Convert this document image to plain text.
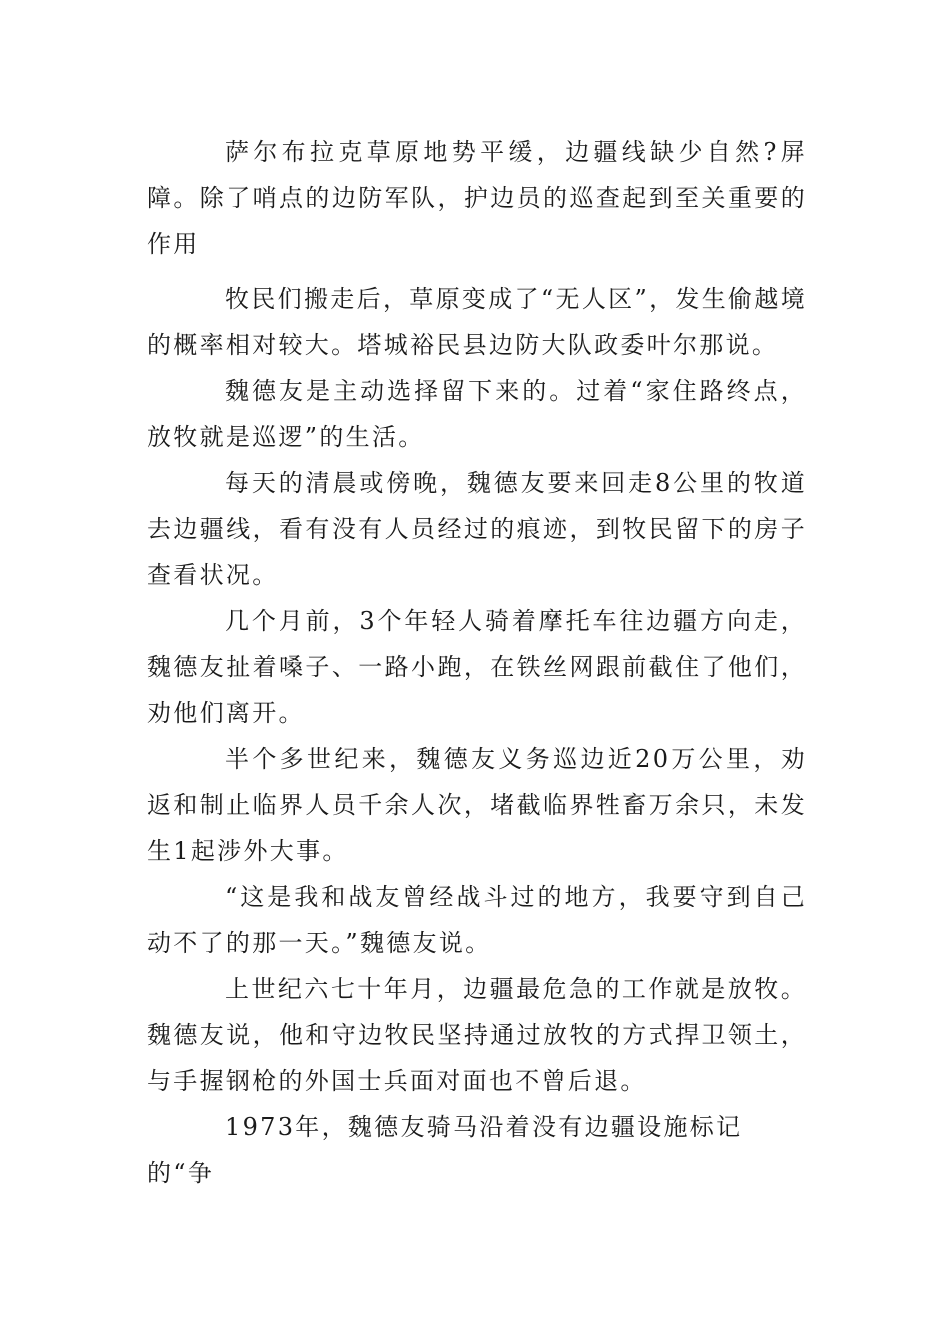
萨尔布拉克草原地势平缓，边疆线缺少自然?屏障。除了哨点的边防军队，护边员的巡查起到至关重要的作用

牧民们搬走后，草原变成了“无人区”，发生偷越境的概率相对较大。塔城裕民县边防大队政委叶尔那说。

魏德友是主动选择留下来的。过着“家住路终点，放牧就是巡逻”的生活。

每天的清晨或傍晚，魏德友要来回走8公里的牧道去边疆线，看有没有人员经过的痕迹，到牧民留下的房子查看状况。

几个月前，3个年轻人骑着摩托车往边疆方向走，魏德友扯着嗓子、一路小跑，在铁丝网跟前截住了他们，劝他们离开。

半个多世纪来，魏德友义务巡边近20万公里，劝返和制止临界人员千余人次，堵截临界牲畜万余只，未发生1起涉外大事。

“这是我和战友曾经战斗过的地方，我要守到自己动不了的那一天。”魏德友说。

上世纪六七十年月，边疆最危急的工作就是放牧。魏德友说，他和守边牧民坚持通过放牧的方式捍卫领土，与手握钢枪的外国士兵面对面也不曾后退。

1973年，魏德友骑马沿着没有边疆设施标记的“争
